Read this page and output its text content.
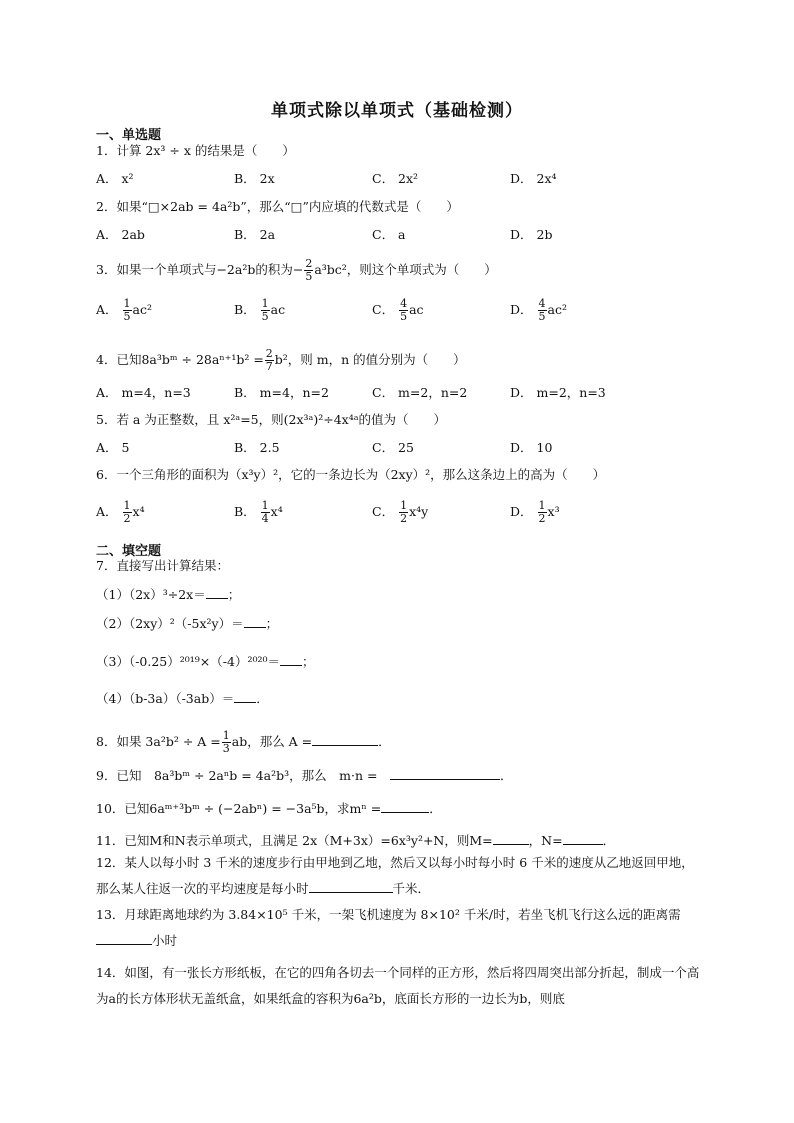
单项式除以单项式（基础检测）
一、单选题
1．计算 2x³ ÷ x 的结果是（　　）
A． x²	B． 2x	C． 2x²	D． 2x⁴
2．如果“□×2ab = 4a²b”，那么“□”内应填的代数式是（　　）
A． 2ab	B． 2a	C． a	D． 2b
3．如果一个单项式与−2a²b的积为− $\frac{2}{5} a^3bc^2$，则这个单项式为（　　）
A． $\frac{1}{5} ac^2$	B． $\frac{1}{5}$ ac	C． $\frac{4}{5}$ ac	D． $\frac{4}{5} ac^2$
4．已知8a³bᵐ ÷ $28a^{n+1}b^2 = \frac{2}{7} b^2$，则 m，n 的值分别为（　　）
A． m=4，n=3	B． m=4，n=2	C． m=2，n=2	D． m=2，n=3
5．若 a 为正整数，且 x²ᵃ=5，则(2x³ᵃ)²÷4x⁴ᵃ的值为（　　）
A． 5	B． 2.5	C． 25	D． 10
6．一个三角形的面积为（x³y）²，它的一条边长为（2xy）²，那么这条边上的高为（　　）
A． $\frac{1}{2} x^4$	B． $\frac{1}{4} x^4$	C． $\frac{1}{2} x^4y$	D． $\frac{1}{2} x^3$
二、填空题
7．直接写出计算结果：
（1）（2x）³÷2x＝ ；
（2）（2xy）²（-5x²y）＝ ；
（3）（-0.25）²⁰¹⁹×（-4）²⁰²⁰＝ ；
（4）（b-3a）（-3ab）＝ ．
8．如果 $3a^2b^2 \div A = \frac{1}{3}$ ab，那么 A =	．
9．已知　8a³bᵐ ÷ 2aⁿb = 4a²b³，那么　m·n =　	．
10．已知6aᵐ⁺³bᵐ ÷ (−2abⁿ) = −3a⁵b，求mⁿ =	．
11．已知M和N表示单项式，且满足 2x（M+3x）=6x³y²+N，则M=	，N=	．
12．某人以每小时 3 千米的速度步行由甲地到乙地，然后又以每小时每小时 6 千米的速度从乙地返回甲地，那么某人往返一次的平均速度是每小时	千米．
13．月球距离地球约为 3.84×10⁵ 千米，一架飞机速度为 8×10² 千米/时，若坐飞机飞行这么远的距离需小时
14．如图，有一张长方形纸板，在它的四角各切去一个同样的正方形，然后将四周突出部分折起，制成一个高为a的长方体形状无盖纸盒，如果纸盒的容积为6a²b，底面长方形的一边长为b，则底
